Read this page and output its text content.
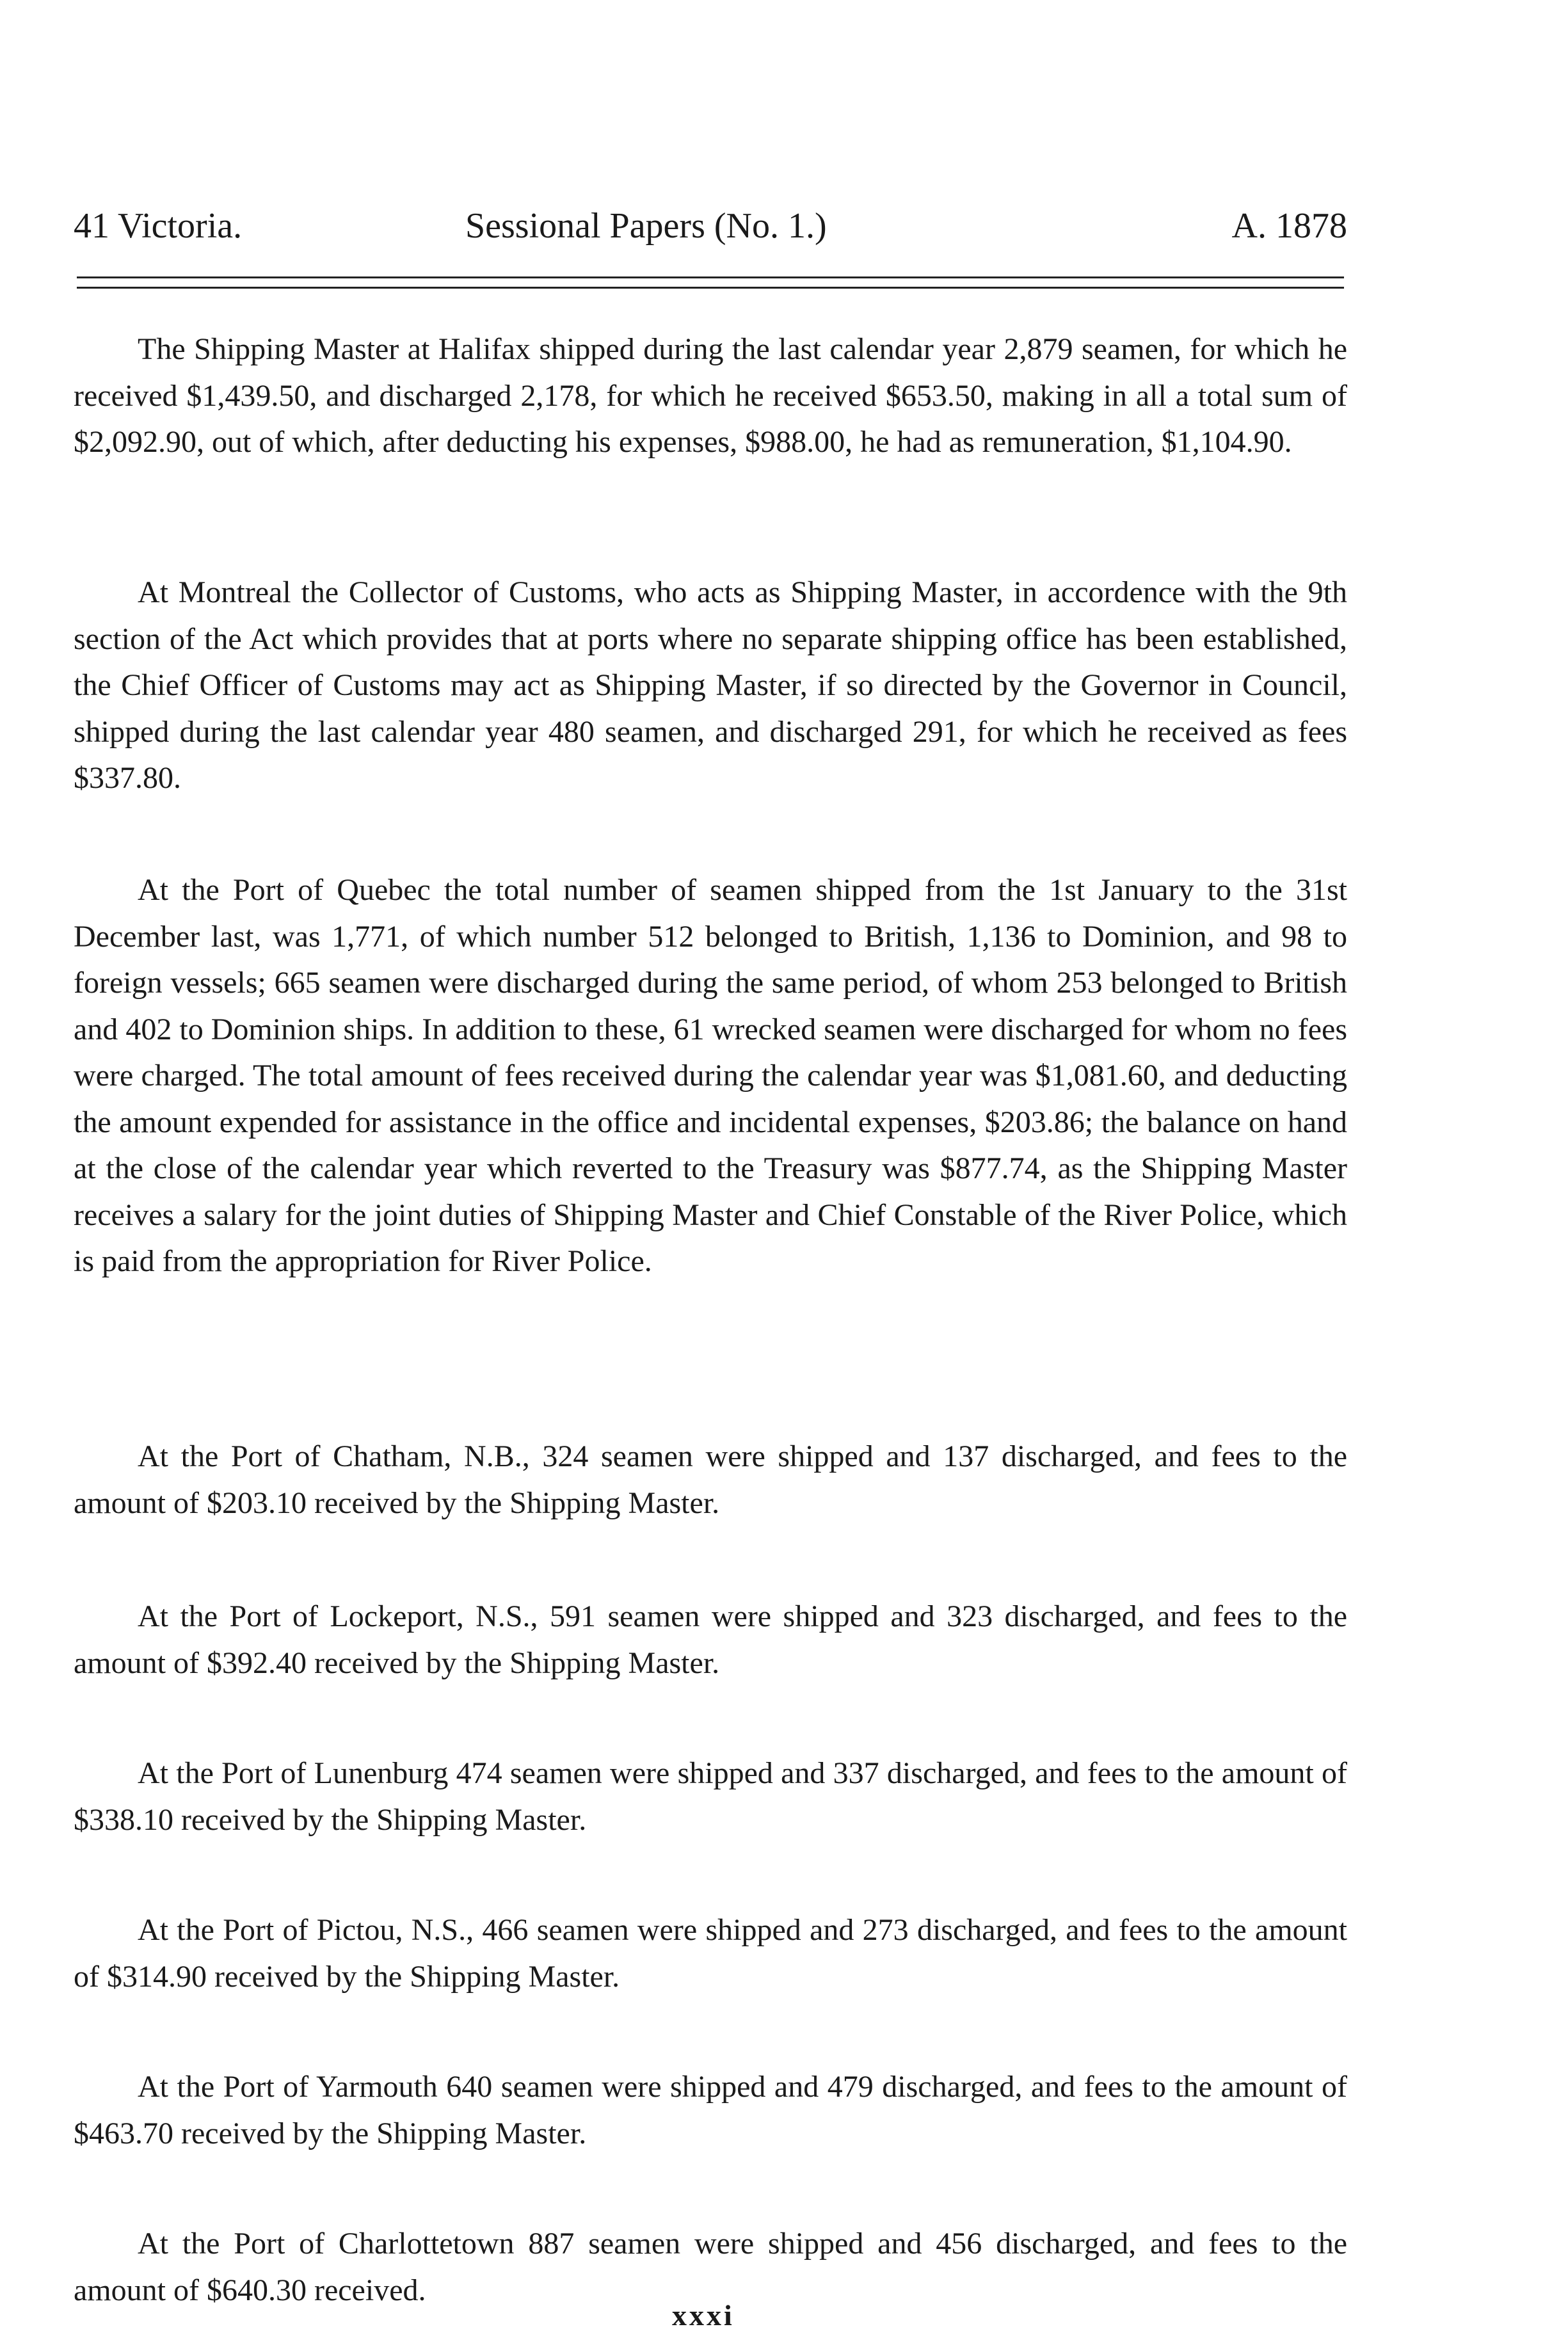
41 Victoria.	Sessional Papers (No. 1.)	A. 1878

The Shipping Master at Halifax shipped during the last calendar year 2,879 seamen, for which he received $1,439.50, and discharged 2,178, for which he received $653.50, making in all a total sum of $2,092.90, out of which, after deducting his expenses, $988.00, he had as remuneration, $1,104.90.

At Montreal the Collector of Customs, who acts as Shipping Master, in accordence with the 9th section of the Act which provides that at ports where no separate shipping office has been established, the Chief Officer of Customs may act as Shipping Master, if so directed by the Governor in Council, shipped during the last calendar year 480 seamen, and discharged 291, for which he received as fees $337.80.

At the Port of Quebec the total number of seamen shipped from the 1st January to the 31st December last, was 1,771, of which number 512 belonged to British, 1,136 to Dominion, and 98 to foreign vessels; 665 seamen were discharged during the same period, of whom 253 belonged to British and 402 to Dominion ships. In addition to these, 61 wrecked seamen were discharged for whom no fees were charged. The total amount of fees received during the calendar year was $1,081.60, and deducting the amount expended for assistance in the office and incidental expenses, $203.86; the balance on hand at the close of the calendar year which reverted to the Treasury was $877.74, as the Shipping Master receives a salary for the joint duties of Shipping Master and Chief Constable of the River Police, which is paid from the appropriation for River Police.

At the Port of Chatham, N.B., 324 seamen were shipped and 137 discharged, and fees to the amount of $203.10 received by the Shipping Master.

At the Port of Lockeport, N.S., 591 seamen were shipped and 323 discharged, and fees to the amount of $392.40 received by the Shipping Master.

At the Port of Lunenburg 474 seamen were shipped and 337 discharged, and fees to the amount of $338.10 received by the Shipping Master.

At the Port of Pictou, N.S., 466 seamen were shipped and 273 discharged, and fees to the amount of $314.90 received by the Shipping Master.

At the Port of Yarmouth 640 seamen were shipped and 479 discharged, and fees to the amount of $463.70 received by the Shipping Master.

At the Port of Charlottetown 887 seamen were shipped and 456 discharged, and fees to the amount of $640.30 received.

xxxi
